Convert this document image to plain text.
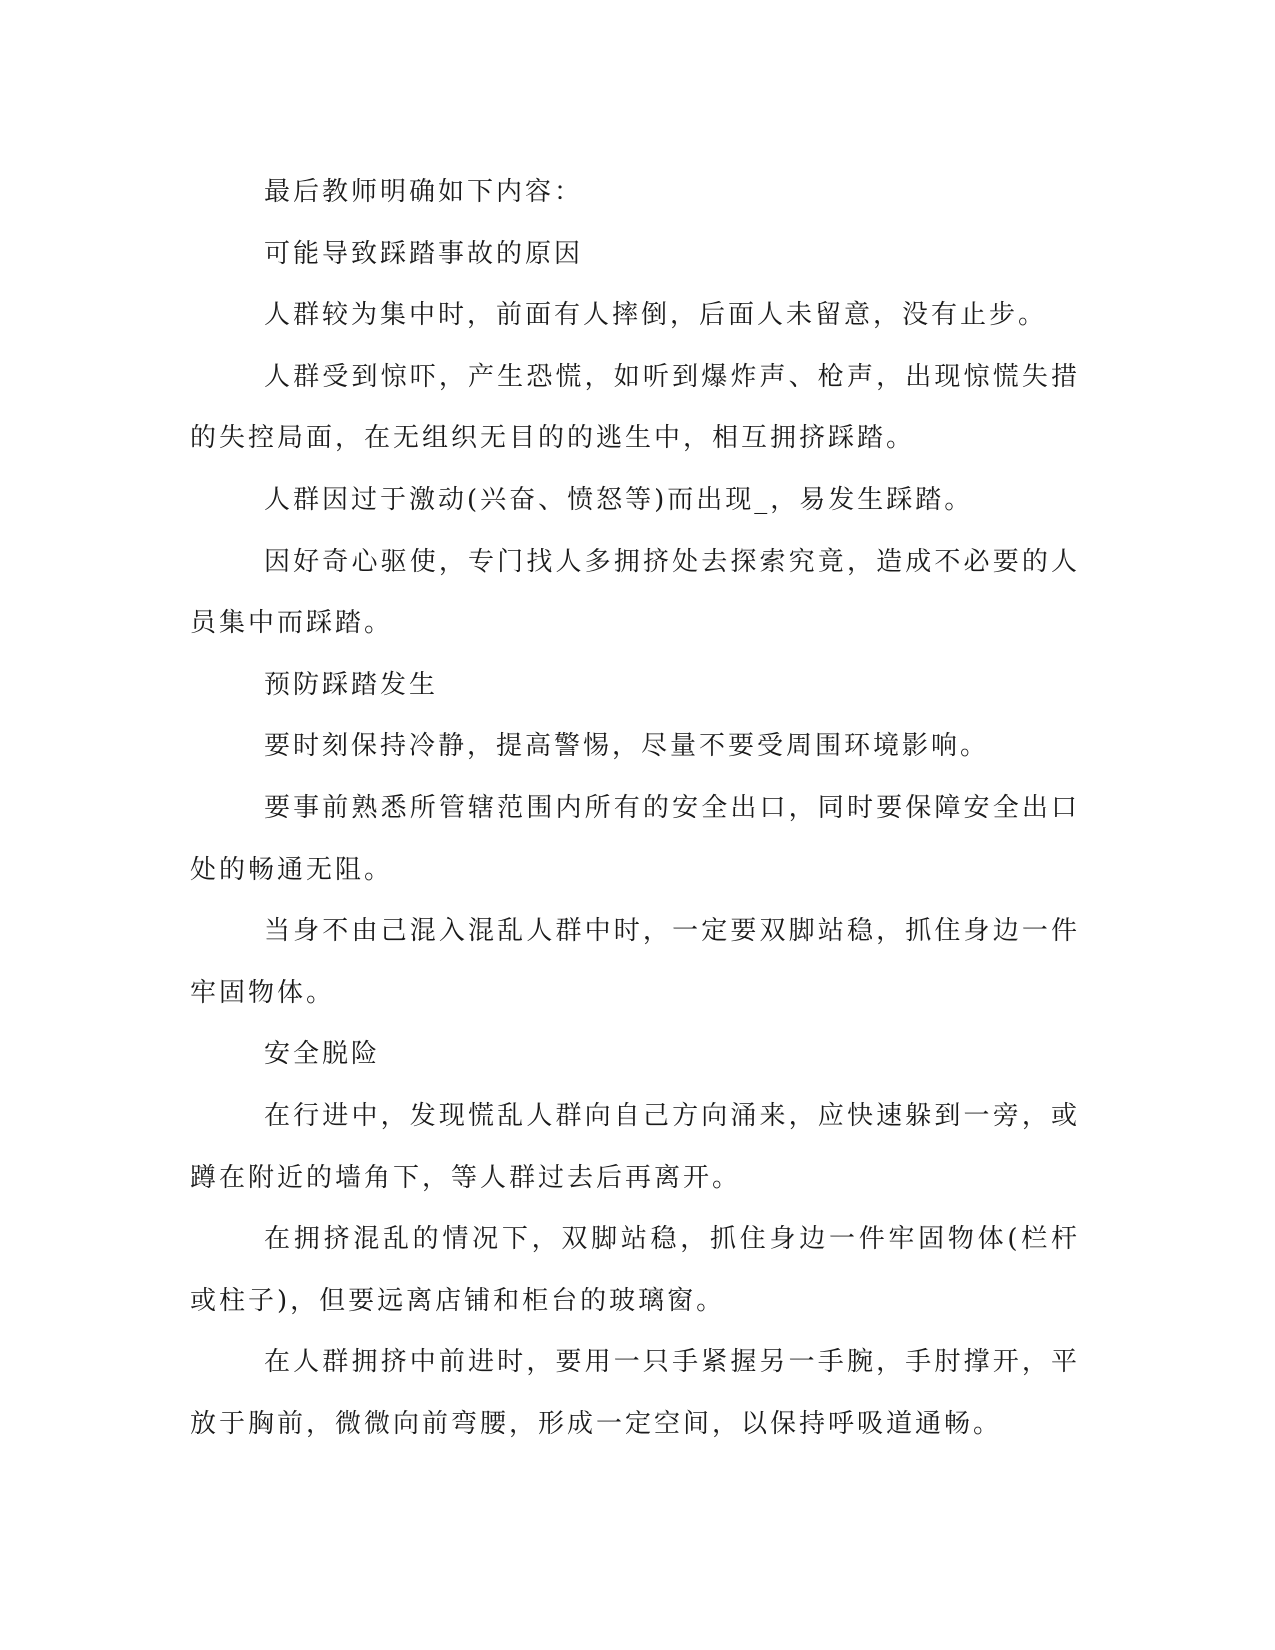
最后教师明确如下内容：

可能导致踩踏事故的原因

人群较为集中时，前面有人摔倒，后面人未留意，没有止步。

人群受到惊吓，产生恐慌，如听到爆炸声、枪声，出现惊慌失措的失控局面，在无组织无目的的逃生中，相互拥挤踩踏。

人群因过于激动(兴奋、愤怒等)而出现_，易发生踩踏。

因好奇心驱使，专门找人多拥挤处去探索究竟，造成不必要的人员集中而踩踏。

预防踩踏发生

要时刻保持冷静，提高警惕，尽量不要受周围环境影响。

要事前熟悉所管辖范围内所有的安全出口，同时要保障安全出口处的畅通无阻。

当身不由己混入混乱人群中时，一定要双脚站稳，抓住身边一件牢固物体。

安全脱险

在行进中，发现慌乱人群向自己方向涌来，应快速躲到一旁，或蹲在附近的墙角下，等人群过去后再离开。

在拥挤混乱的情况下，双脚站稳，抓住身边一件牢固物体(栏杆或柱子)，但要远离店铺和柜台的玻璃窗。

在人群拥挤中前进时，要用一只手紧握另一手腕，手肘撑开，平放于胸前，微微向前弯腰，形成一定空间，以保持呼吸道通畅。
